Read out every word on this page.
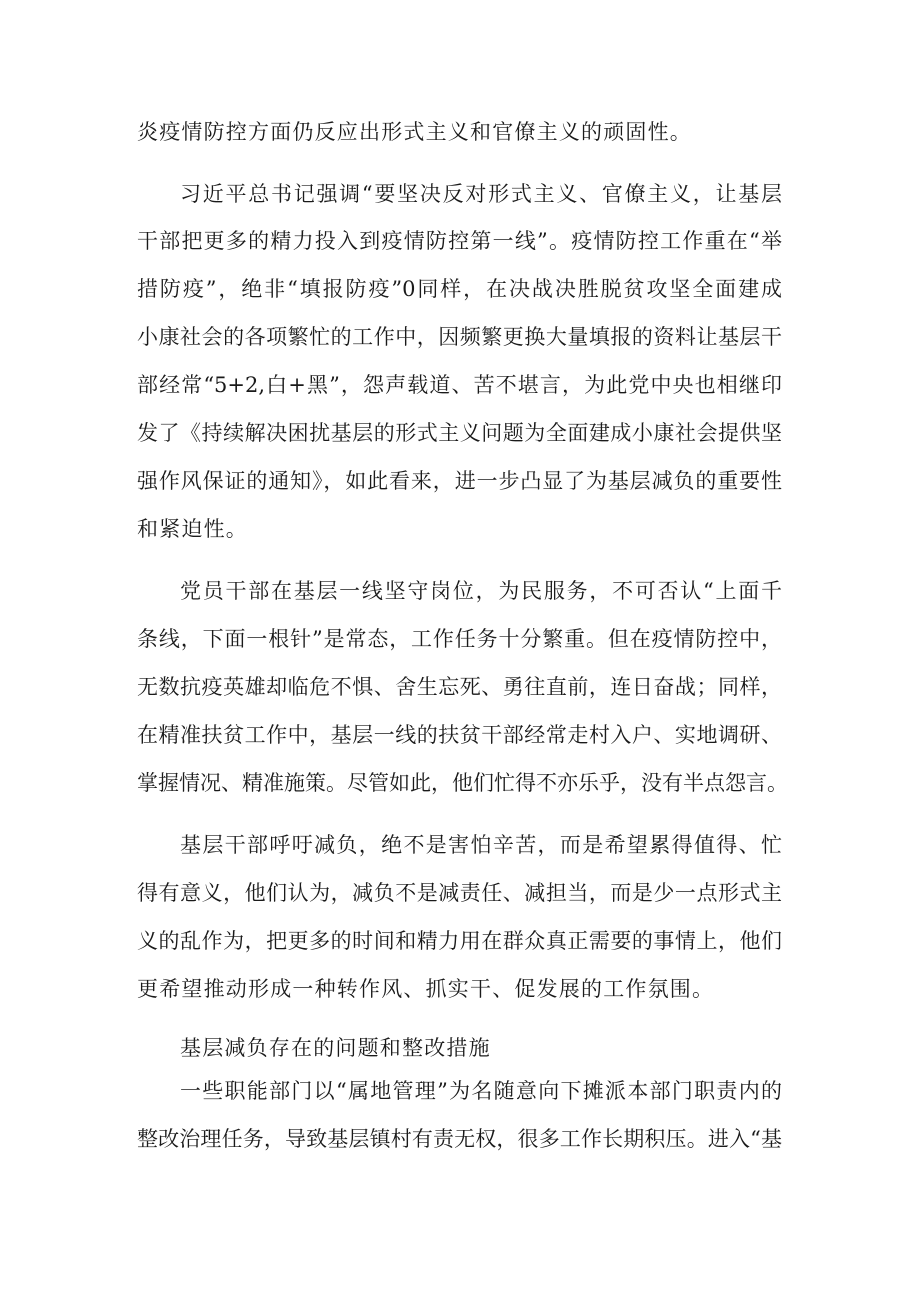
炎疫情防控方面仍反应出形式主义和官僚主义的顽固性。
习近平总书记强调“要坚决反对形式主义、官僚主义，让基层
干部把更多的精力投入到疫情防控第一线”。疫情防控工作重在“举
措防疫”，绝非“填报防疫”0同样，在决战决胜脱贫攻坚全面建成
小康社会的各项繁忙的工作中，因频繁更换大量填报的资料让基层干
部经常“5+2,白+黑”，怨声载道、苦不堪言，为此党中央也相继印
发了《持续解决困扰基层的形式主义问题为全面建成小康社会提供坚
强作风保证的通知》，如此看来，进一步凸显了为基层减负的重要性
和紧迫性。
党员干部在基层一线坚守岗位，为民服务，不可否认“上面千
条线，下面一根针”是常态，工作任务十分繁重。但在疫情防控中，
无数抗疫英雄却临危不惧、舍生忘死、勇往直前，连日奋战；同样，
在精准扶贫工作中，基层一线的扶贫干部经常走村入户、实地调研、
掌握情况、精准施策。尽管如此，他们忙得不亦乐乎，没有半点怨言。
基层干部呼吁减负，绝不是害怕辛苦，而是希望累得值得、忙
得有意义，他们认为，减负不是减责任、减担当，而是少一点形式主
义的乱作为，把更多的时间和精力用在群众真正需要的事情上，他们
更希望推动形成一种转作风、抓实干、促发展的工作氛围。
基层减负存在的问题和整改措施
一些职能部门以“属地管理”为名随意向下摊派本部门职责内的
整改治理任务，导致基层镇村有责无权，很多工作长期积压。进入“基
